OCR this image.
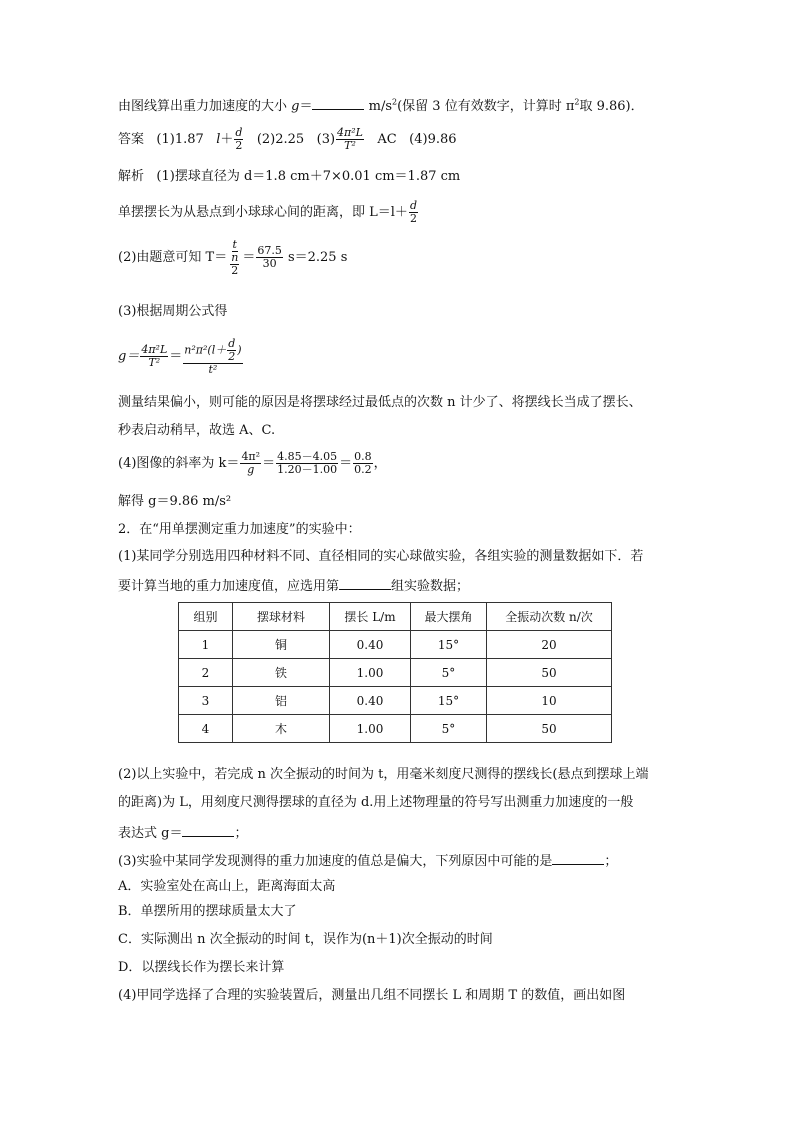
由图线算出重力加速度的大小 g＝	$m/s^2$(保留 3 位有效数字，计算时 $\pi^2$取 9.86)．
答案 (1)1.87 $l+ \frac{d}{2} (2)2.25$ $(3) \frac{\text{4π²L}}{\text{T²}}$ AC (4)9.86
解析 (1)摆球直径为 d＝1.8 cm＋7×0.01 cm＝1.87 cm
单摆摆长为从悬点到小球球心间的距离，即 $L=l+ \frac{d}{2}$
(2)由题意可知 $T= \frac{t}{\frac{n}{2}} = \frac{67.5}{30} s=2.25$ s
(3)根据周期公式得
$g= \frac{\text{4π²L}}{\text{T²}} = \frac{n^2\pi^2(l+ \frac{d}{2} )}{\text{t²}}$
测量结果偏小，则可能的原因是将摆球经过最低点的次数 n 计少了、将摆线长当成了摆长、
秒表启动稍早，故选 A、C.
(4)图像的斜率为 $k= \frac{\text{4π²}}{g} = \frac{4.85-4.05}{1.20-1.00} = \frac{0.8}{0.2}$ ，
解得 g＝9.86 m/s²
2．在“用单摆测定重力加速度”的实验中：
(1)某同学分别选用四种材料不同、直径相同的实心球做实验，各组实验的测量数据如下．若
要计算当地的重力加速度值，应选用第	组实验数据；
组别	摆球材料	摆长 L/m	最大摆角	全振动次数 n/次
1	铜	0.40	15°	20
2	铁	1.00	5°	50
3	铝	0.40	15°	10
4	木	1.00	5°	50
(2)以上实验中，若完成 n 次全振动的时间为 t，用毫米刻度尺测得的摆线长(悬点到摆球上端
的距离)为 L，用刻度尺测得摆球的直径为 d.用上述物理量的符号写出测重力加速度的一般
表达式 g＝	；
(3)实验中某同学发现测得的重力加速度的值总是偏大，下列原因中可能的是	；
A．实验室处在高山上，距离海面太高
B．单摆所用的摆球质量太大了
C．实际测出 n 次全振动的时间 t，误作为(n＋1)次全振动的时间
D．以摆线长作为摆长来计算
(4)甲同学选择了合理的实验装置后，测量出几组不同摆长 L 和周期 T 的数值，画出如图
